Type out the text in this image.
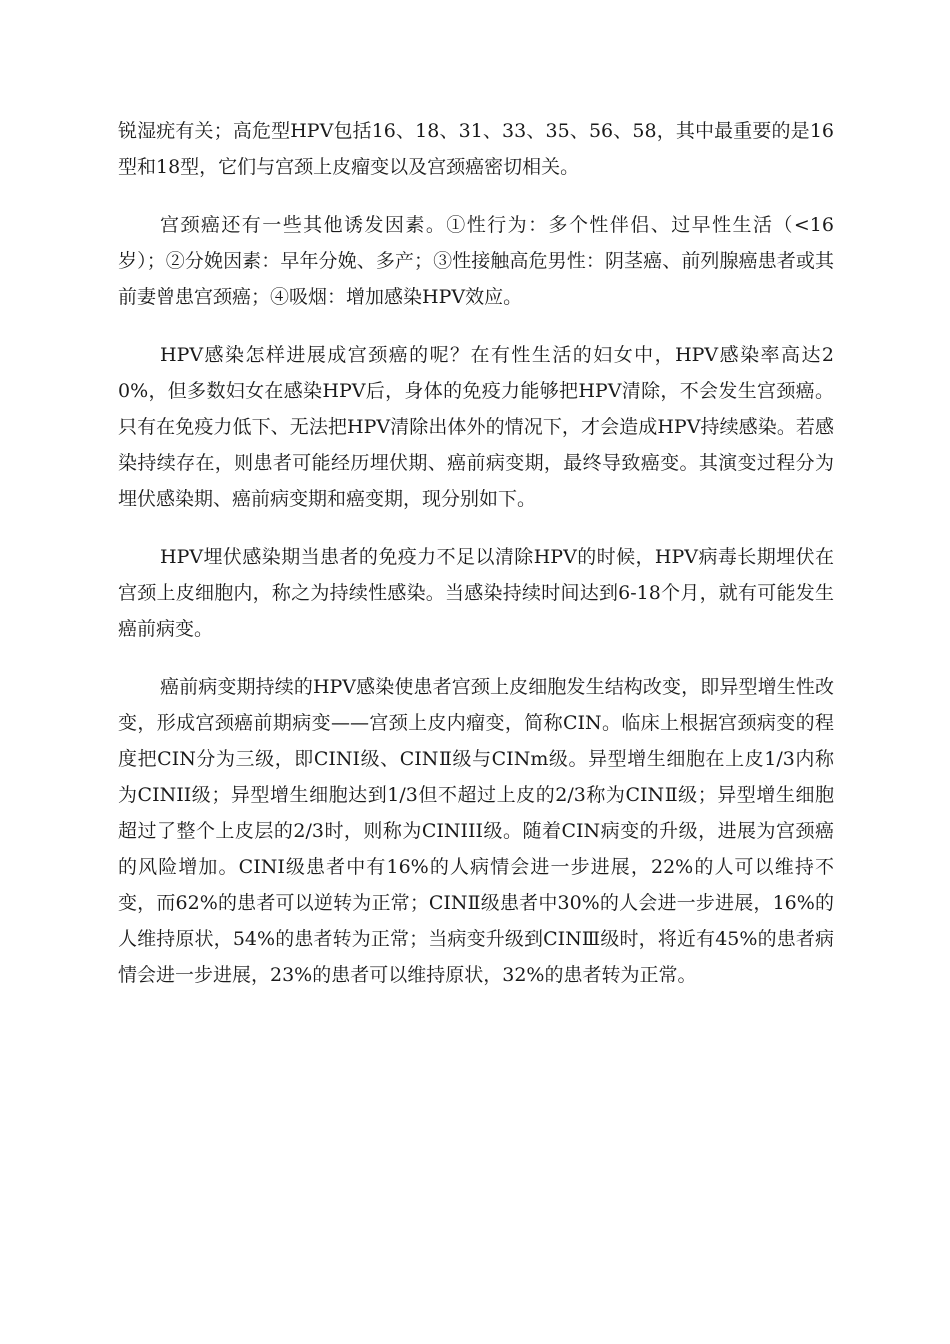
锐湿疣有关；高危型HPV包括16、18、31、33、35、56、58，其中最重要的是16型和18型，它们与宫颈上皮瘤变以及宫颈癌密切相关。

宫颈癌还有一些其他诱发因素。①性行为：多个性伴侣、过早性生活（<16岁）；②分娩因素：早年分娩、多产；③性接触高危男性：阴茎癌、前列腺癌患者或其前妻曾患宫颈癌；④吸烟：增加感染HPV效应。

HPV感染怎样进展成宫颈癌的呢？在有性生活的妇女中，HPV感染率高达20%，但多数妇女在感染HPV后，身体的免疫力能够把HPV清除，不会发生宫颈癌。只有在免疫力低下、无法把HPV清除出体外的情况下，才会造成HPV持续感染。若感染持续存在，则患者可能经历埋伏期、癌前病变期，最终导致癌变。其演变过程分为埋伏感染期、癌前病变期和癌变期，现分别如下。

HPV埋伏感染期当患者的免疫力不足以清除HPV的时候，HPV病毒长期埋伏在宫颈上皮细胞内，称之为持续性感染。当感染持续时间达到6-18个月，就有可能发生癌前病变。

癌前病变期持续的HPV感染使患者宫颈上皮细胞发生结构改变，即异型增生性改变，形成宫颈癌前期病变——宫颈上皮内瘤变，简称CIN。临床上根据宫颈病变的程度把CIN分为三级，即CINI级、CINⅡ级与CINm级。异型增生细胞在上皮1/3内称为CINII级；异型增生细胞达到1/3但不超过上皮的2/3称为CINⅡ级；异型增生细胞超过了整个上皮层的2/3时，则称为CINIII级。随着CIN病变的升级，进展为宫颈癌的风险增加。CINI级患者中有16%的人病情会进一步进展，22%的人可以维持不变，而62%的患者可以逆转为正常；CINⅡ级患者中30%的人会进一步进展，16%的人维持原状，54%的患者转为正常；当病变升级到CINⅢ级时，将近有45%的患者病情会进一步进展，23%的患者可以维持原状，32%的患者转为正常。
